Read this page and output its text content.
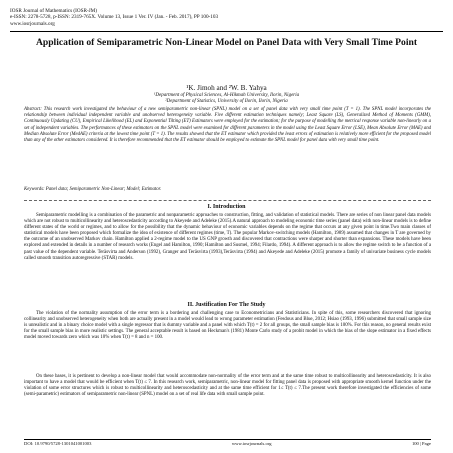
IOSR Journal of Mathematics (IOSR-JM)
e-ISSN: 2278-5728, p-ISSN: 2319-765X. Volume 13, Issue 1 Ver. IV (Jan. - Feb. 2017), PP 100-103
www.iosrjournals.org
Application of Semiparametric Non-Linear Model on Panel Data with Very Small Time Point
¹K. Jimoh and ²W. B. Yahya
¹Department of Physical Sciences, Al-Hikmah University, Ilorin, Nigeria
²Department of Statistics, University of Ilorin, Ilorin, Nigeria
Abstract: This research work investigated the behaviour of a new semiparametric non-linear (SPNL) model on a set of panel data with very small time point (T = 1). The SPNL model incorporates the relationship between individual independent variable and unobserved heterogeneity variable. Five different estimation techniques namely; Least Square (LS), Generalized Method of Moments (GMM), Continuously Updating (CU), Empirical Likelihood (EL) and Exponential Tilting (ET) Estimators were employed for the estimation; for the purpose of modelling the metrical response variable non-linearly on a set of independent variables. The performances of these estimators on the SPNL model were examined for different parameters in the model using the Least Square Error (LSE), Mean Absolute Error (MAE) and Median Absolute Error (MedAE) criteria at the lowest time point (T = 1). The results showed that the ET estimator which provided the least errors of estimation is relatively more efficient for the proposed model than any of the other estimators considered. It is therefore recommended that the ET estimator should be employed to estimate the SPNL model for panel data with very small time point.
Keywords: Panel data; Semiparametric Non-Linear; Model; Estimator.
I. Introduction
Semiparametric modelling is a combination of the parametric and nonparametric approaches to construction, fitting, and validation of statistical models. There are series of non linear panel data models which are not robust to multicollinearity and heteroscedasticity according to Akeyede and Adeleke (2015).A natural approach to modeling economic time series (panel data) with non-linear models is to define different states of the world or regimes, and to allow for the possibility that the dynamic behaviour of economic variables depends on the regime that occurs at any given point in time.Two main classes of statistical models have been proposed which formalize the idea of existence of different regimes (time, T). The popular Markov-switching models (Hamilton, 1989) assumed that changes in T are governed by the outcome of an unobserved Markov chain. Hamilton applied a 2-regime model to the US GNP growth and discovered that contractions were sharper and shorter than expansions. These models have been explored and extended in details in a number of research works (Engel and Hamilton, 1990; Hamilton and Susmel, 1994; Filardo, 1994). A different approach is to allow the regime switch to be a function of a past value of the dependent variable. Teräsvirta and Anderson (1992), Granger and Teräsvirta (1993),Teräsvirta (1994) and Akeyede and Adeleke (2015) promote a family of univariate business cycle models called smooth transition autoregressive (STAR) models.
II. Justification For The Study
The violation of the normality assumption of the error term is a bordering and challenging case to Econometricians and Statisticians. In spite of this, some researchers discovered that ignoring collinearity and unobserved heterogeneity when both are actually present in a model would lead to wrong parameter estimation (Fesdous and Blue, 2012; Hsiao (1993, 1996) submitted that small sample size is unrealistic and in a binary choice model with a single regressor that is dummy variable and a panel with which T(t) = 2 for all groups, the small sample bias is 100%. For this reason, no general results exist for the small sample bias in more realistic settings. The general acceptable result is based on Heckman's (1981) Monte Carlo study of a probit model in which the bias of the slope estimator in a fixed effects model moved towards zero which was 10% when T(t) = 8 and n = 100.
On these bases, it is pertinent to develop a non-linear model that would accommodate non-normality of the error term and at the same time robust to multicollinearity and heteroscedasticity. It is also important to have a model that would be efficient when T(t) ≤ 7. In this research work, semiparametric, non-linear model for fitting panel data is proposed with appropriate smooth kernel function under the violation of some error structures which is robust to multicollinearity and heteroscedasticity and at the same time efficient for 1≤ T(t) ≤ 7.The present work therefore investigated the efficiencies of some (semi-parametric) estimators of semiparametric non-linear (SPNL) model on a set of real life data with small sample point.
DOI: 10.9790/5728-1301041001003	www.iosrjournals.org	100 | Page
